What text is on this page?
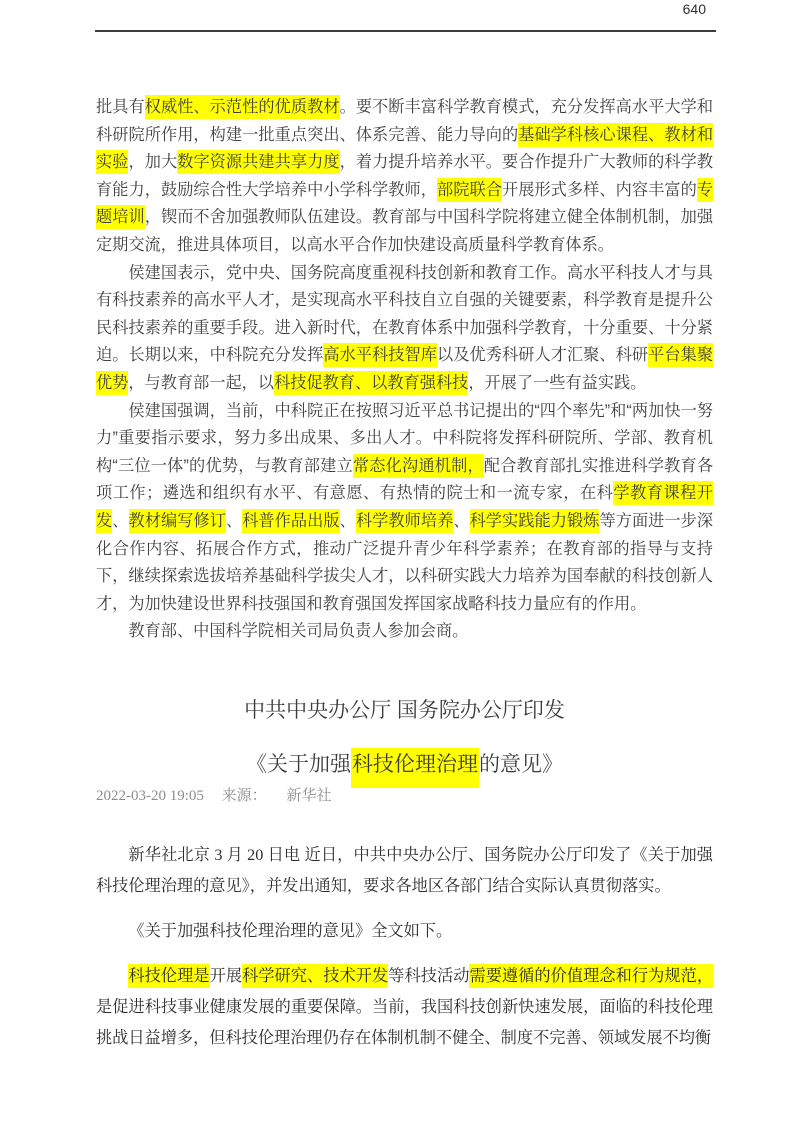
640

批具有权威性、示范性的优质教材。要不断丰富科学教育模式，充分发挥高水平大学和科研院所作用，构建一批重点突出、体系完善、能力导向的基础学科核心课程、教材和实验，加大数字资源共建共享力度，着力提升培养水平。要合作提升广大教师的科学教育能力，鼓励综合性大学培养中小学科学教师，部院联合开展形式多样、内容丰富的专题培训，锲而不舍加强教师队伍建设。教育部与中国科学院将建立健全体制机制，加强定期交流，推进具体项目，以高水平合作加快建设高质量科学教育体系。

侯建国表示，党中央、国务院高度重视科技创新和教育工作。高水平科技人才与具有科技素养的高水平人才，是实现高水平科技自立自强的关键要素，科学教育是提升公民科技素养的重要手段。进入新时代，在教育体系中加强科学教育，十分重要、十分紧迫。长期以来，中科院充分发挥高水平科技智库以及优秀科研人才汇聚、科研平台集聚优势，与教育部一起，以科技促教育、以教育强科技，开展了一些有益实践。

侯建国强调，当前，中科院正在按照习近平总书记提出的“四个率先”和“两加快一努力”重要指示要求，努力多出成果、多出人才。中科院将发挥科研院所、学部、教育机构“三位一体”的优势，与教育部建立常态化沟通机制，配合教育部扎实推进科学教育各项工作；遴选和组织有水平、有意愿、有热情的院士和一流专家，在科学教育课程开发、教材编写修订、科普作品出版、科学教师培养、科学实践能力锻炼等方面进一步深化合作内容、拓展合作方式，推动广泛提升青少年科学素养；在教育部的指导与支持下，继续探索选拔培养基础科学拔尖人才，以科研实践大力培养为国奉献的科技创新人才，为加快建设世界科技强国和教育强国发挥国家战略科技力量应有的作用。

教育部、中国科学院相关司局负责人参加会商。

中共中央办公厅 国务院办公厅印发
《关于加强科技伦理治理的意见》
2022-03-20 19:05 来源： 新华社

新华社北京 3 月 20 日电 近日，中共中央办公厅、国务院办公厅印发了《关于加强科技伦理治理的意见》，并发出通知，要求各地区各部门结合实际认真贯彻落实。

《关于加强科技伦理治理的意见》全文如下。

科技伦理是开展科学研究、技术开发等科技活动需要遵循的价值理念和行为规范，是促进科技事业健康发展的重要保障。当前，我国科技创新快速发展，面临的科技伦理挑战日益增多，但科技伦理治理仍存在体制机制不健全、制度不完善、领域发展不均衡
